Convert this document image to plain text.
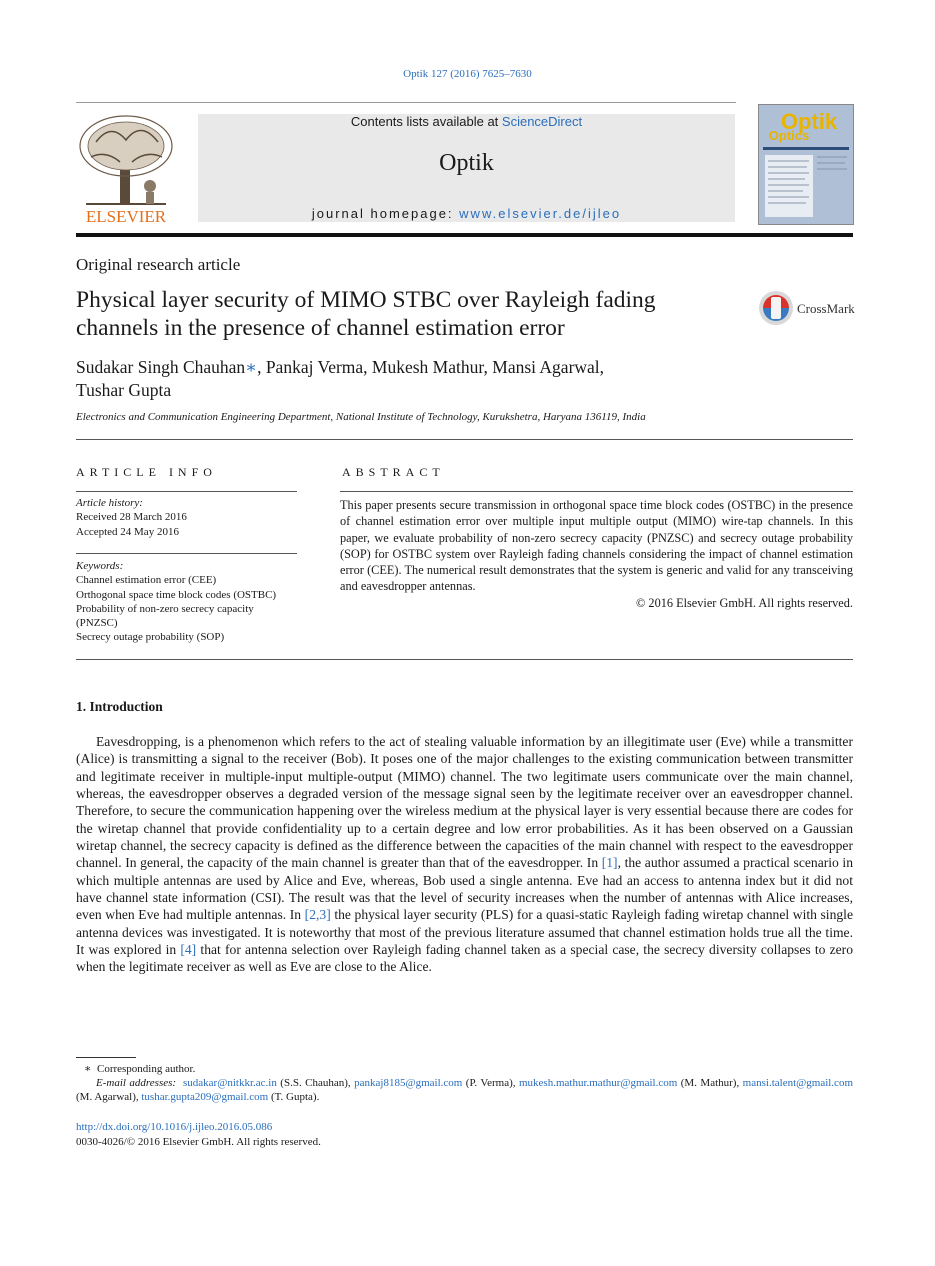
Optik 127 (2016) 7625–7630
ELSEVIER
Contents lists available at ScienceDirect
Optik
journal homepage: www.elsevier.de/ijleo
Optik
Optics
Original research article
Physical layer security of MIMO STBC over Rayleigh fading channels in the presence of channel estimation error
CrossMark
Sudakar Singh Chauhan∗, Pankaj Verma, Mukesh Mathur, Mansi Agarwal,
Tushar Gupta
Electronics and Communication Engineering Department, National Institute of Technology, Kurukshetra, Haryana 136119, India
ARTICLE INFO
Article history:
Received 28 March 2016
Accepted 24 May 2016
Keywords:
Channel estimation error (CEE)
Orthogonal space time block codes (OSTBC)
Probability of non-zero secrecy capacity
(PNZSC)
Secrecy outage probability (SOP)
ABSTRACT
This paper presents secure transmission in orthogonal space time block codes (OSTBC) in the presence of channel estimation error over multiple input multiple output (MIMO) wire-tap channels. In this paper, we evaluate probability of non-zero secrecy capacity (PNZSC) and secrecy outage probability (SOP) for OSTBC system over Rayleigh fading channels considering the impact of channel estimation error (CEE). The numerical result demonstrates that the system is generic and valid for any transceiving and eavesdropper antennas.
© 2016 Elsevier GmbH. All rights reserved.
1. Introduction

Eavesdropping, is a phenomenon which refers to the act of stealing valuable information by an illegitimate user (Eve) while a transmitter (Alice) is transmitting a signal to the receiver (Bob). It poses one of the major challenges to the existing communication between transmitter and legitimate receiver in multiple-input multiple-output (MIMO) channel. The two legitimate users communicate over the main channel, whereas, the eavesdropper observes a degraded version of the message signal seen by the legitimate receiver over an eavesdropper channel. Therefore, to secure the communication happening over the wireless medium at the physical layer is very essential because there are codes for the wiretap channel that provide confidentiality up to a certain degree and low error probabilities. As it has been observed on a Gaussian wiretap channel, the secrecy capacity is defined as the difference between the capacities of the main channel with respect to the eavesdropper channel. In general, the capacity of the main channel is greater than that of the eavesdropper. In [1], the author assumed a practical scenario in which multiple antennas are used by Alice and Eve, whereas, Bob used a single antenna. Eve had an access to antenna index but it did not have channel state information (CSI). The result was that the level of security increases when the number of antennas with Alice increases, even when Eve had multiple antennas. In [2,3] the physical layer security (PLS) for a quasi-static Rayleigh fading wiretap channel with single antenna devices was investigated. It is noteworthy that most of the previous literature assumed that channel estimation holds true all the time. It was explored in [4] that for antenna selection over Rayleigh fading channel taken as a special case, the secrecy diversity collapses to zero when the legitimate receiver as well as Eve are close to the Alice.

∗ Corresponding author.
E-mail addresses: sudakar@nitkkr.ac.in (S.S. Chauhan), pankaj8185@gmail.com (P. Verma), mukesh.mathur.mathur@gmail.com (M. Mathur), mansi.talent@gmail.com (M. Agarwal), tushar.gupta209@gmail.com (T. Gupta).
http://dx.doi.org/10.1016/j.ijleo.2016.05.086
0030-4026/© 2016 Elsevier GmbH. All rights reserved.
